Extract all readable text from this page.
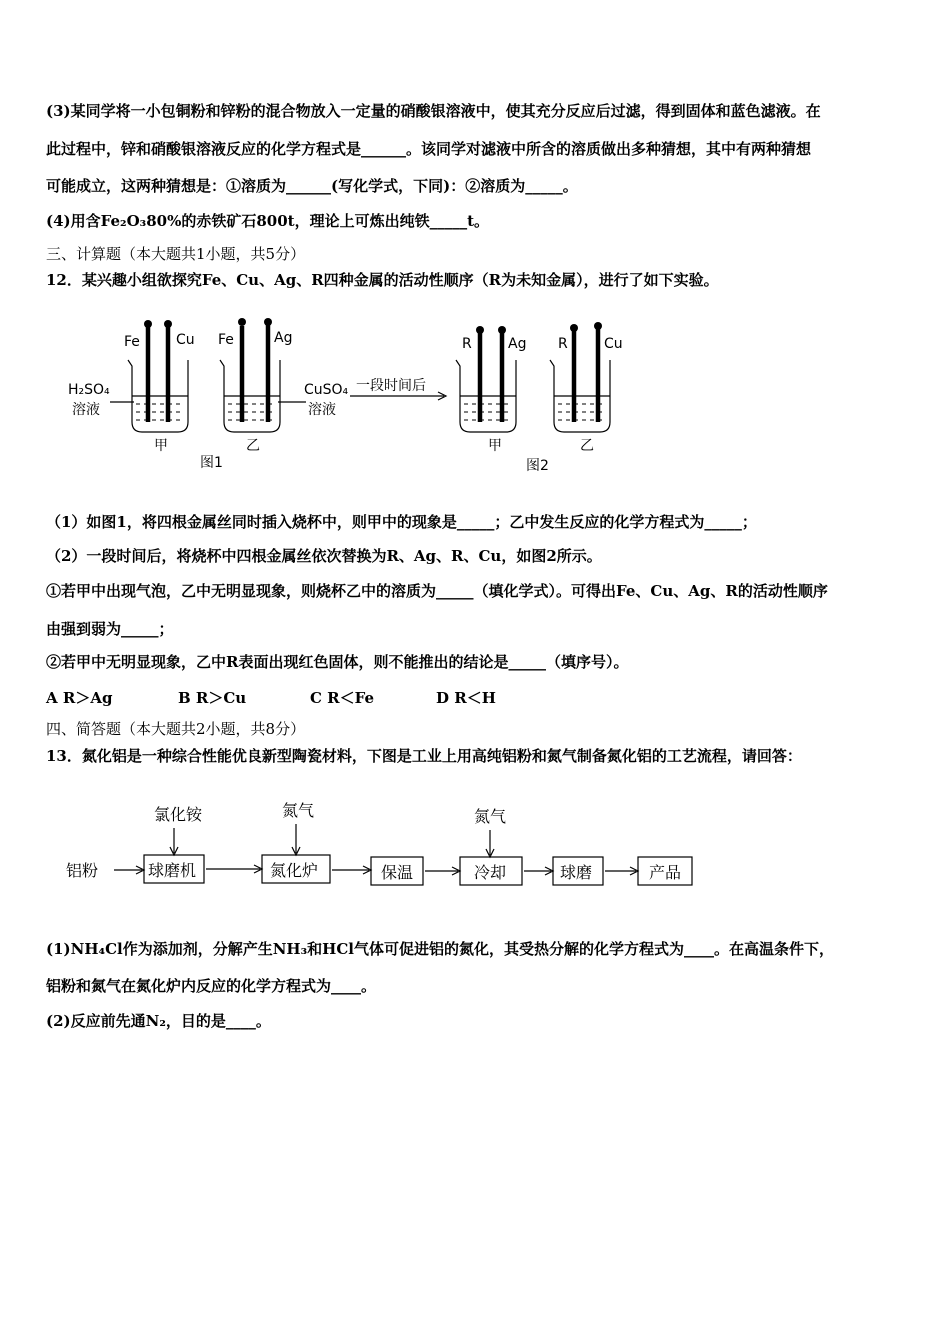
(3)某同学将一小包铜粉和锌粉的混合物放入一定量的硝酸银溶液中，使其充分反应后过滤，得到固体和蓝色滤液。在
此过程中，锌和硝酸银溶液反应的化学方程式是______。该同学对滤液中所含的溶质做出多种猜想，其中有两种猜想
可能成立，这两种猜想是：①溶质为______(写化学式，下同)：②溶质为_____。
(4)用含Fe₂O₃80%的赤铁矿石800t，理论上可炼出纯铁_____t。
三、计算题（本大题共1小题，共5分）
12．某兴趣小组欲探究Fe、Cu、Ag、R四种金属的活动性顺序（R为未知金属），进行了如下实验。
Fe	Cu Fe	Ag
H₂SO₄
溶液
CuSO₄
溶液
甲	乙
图1
一段时间后
R	Ag R	Cu
甲	乙
图2
（1）如图1，将四根金属丝同时插入烧杯中，则甲中的现象是_____；乙中发生反应的化学方程式为_____；
（2）一段时间后，将烧杯中四根金属丝依次替换为R、Ag、R、Cu，如图2所示。
①若甲中出现气泡，乙中无明显现象，则烧杯乙中的溶质为_____（填化学式）。可得出Fe、Cu、Ag、R的活动性顺序
由强到弱为_____；
②若甲中无明显现象，乙中R表面出现红色固体，则不能推出的结论是_____（填序号）。
A R＞Ag	B R＞Cu	C R＜Fe	D R＜H
四、简答题（本大题共2小题，共8分）
13．氮化铝是一种综合性能优良新型陶瓷材料，下图是工业上用高纯铝粉和氮气制备氮化铝的工艺流程，请回答：
氯化铵	氮气	氮气
铝粉	球磨机	氮化炉	保温	冷却	球磨	产品
(1)NH₄Cl作为添加剂，分解产生NH₃和HCl气体可促进铝的氮化，其受热分解的化学方程式为____。在高温条件下，
铝粉和氮气在氮化炉内反应的化学方程式为____。
(2)反应前先通N₂，目的是____。
